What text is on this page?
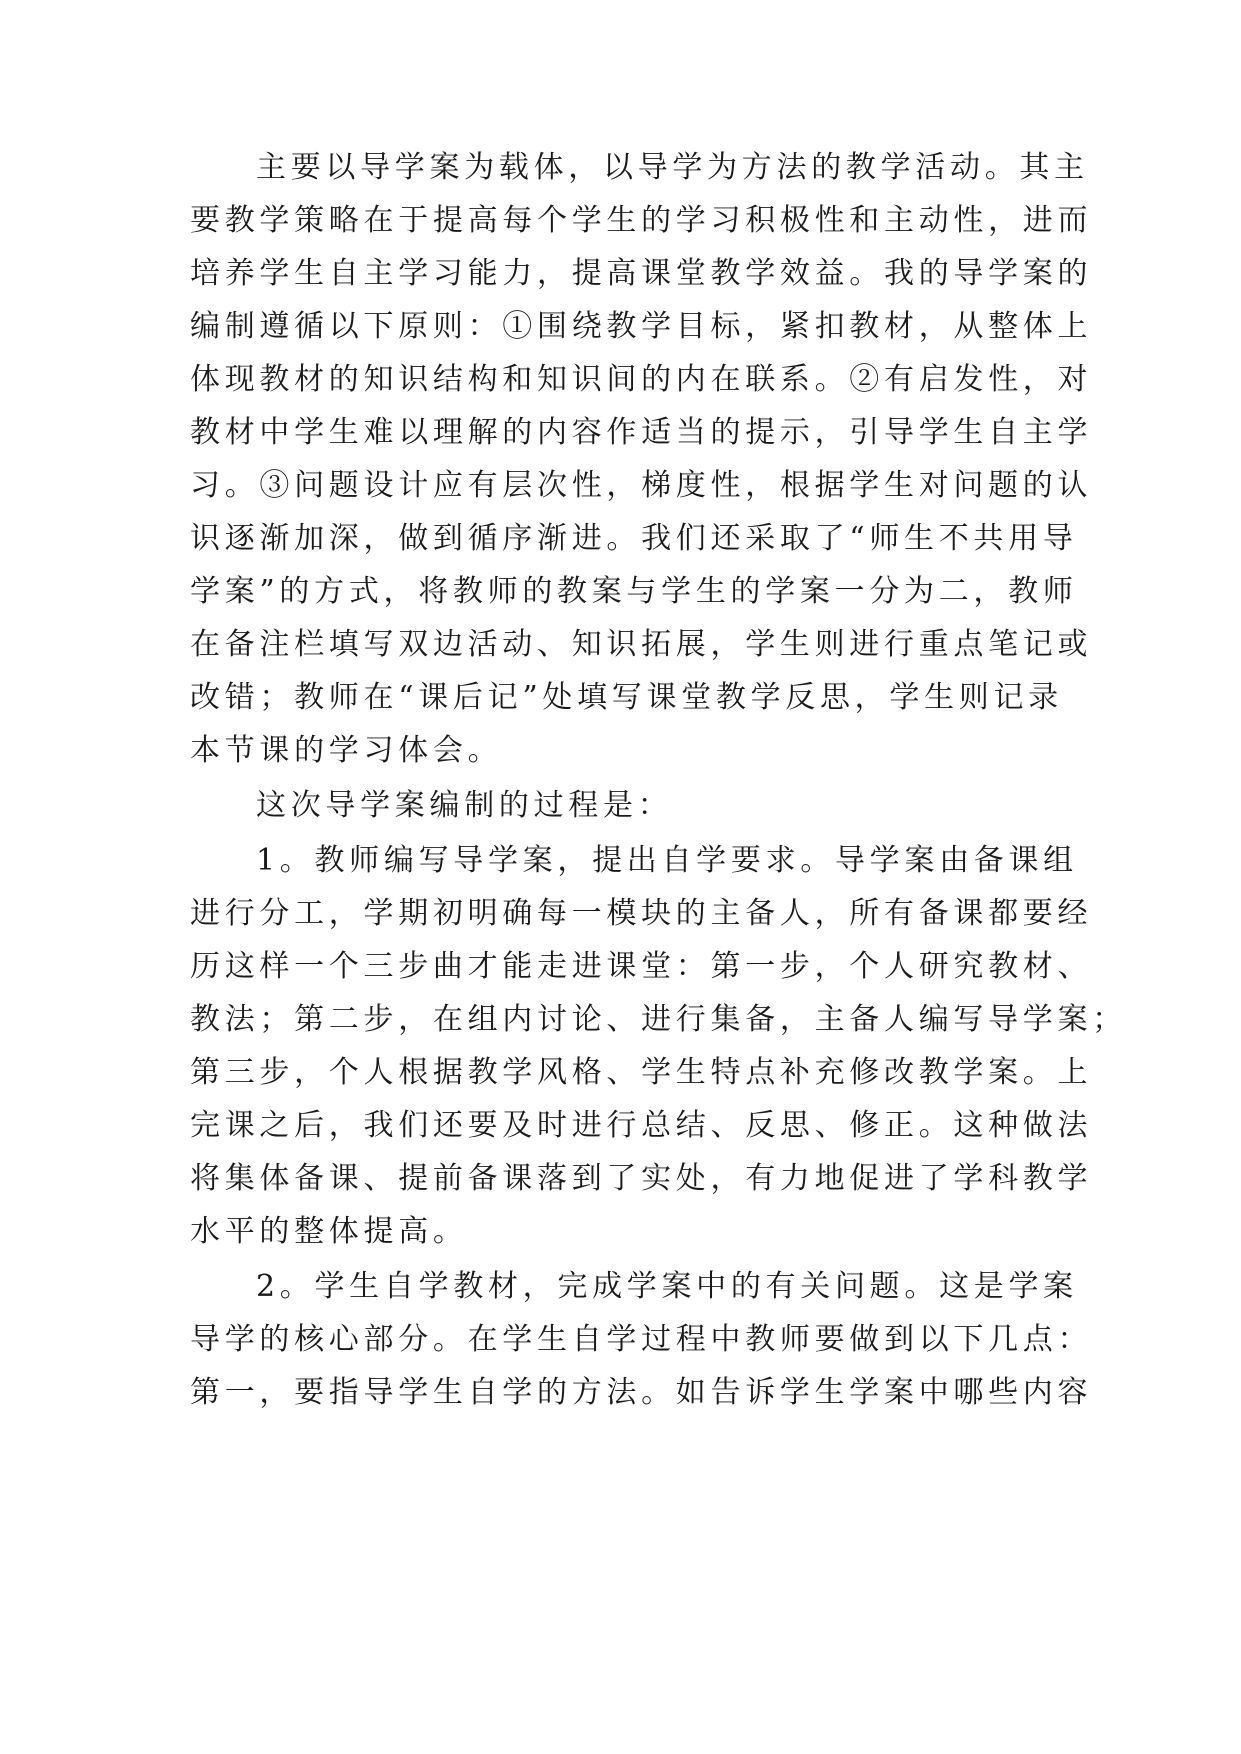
主要以导学案为载体，以导学为方法的教学活动。其主
要教学策略在于提高每个学生的学习积极性和主动性，进而
培养学生自主学习能力，提高课堂教学效益。我的导学案的
编制遵循以下原则：①围绕教学目标，紧扣教材，从整体上
体现教材的知识结构和知识间的内在联系。②有启发性，对
教材中学生难以理解的内容作适当的提示，引导学生自主学
习。③问题设计应有层次性，梯度性，根据学生对问题的认
识逐渐加深，做到循序渐进。我们还采取了“师生不共用导
学案”的方式，将教师的教案与学生的学案一分为二，教师
在备注栏填写双边活动、知识拓展，学生则进行重点笔记或
改错；教师在“课后记”处填写课堂教学反思，学生则记录
本节课的学习体会。
这次导学案编制的过程是：
1。教师编写导学案，提出自学要求。导学案由备课组
进行分工，学期初明确每一模块的主备人，所有备课都要经
历这样一个三步曲才能走进课堂：第一步，个人研究教材、
教法；第二步，在组内讨论、进行集备，主备人编写导学案；
第三步，个人根据教学风格、学生特点补充修改教学案。上
完课之后，我们还要及时进行总结、反思、修正。这种做法
将集体备课、提前备课落到了实处，有力地促进了学科教学
水平的整体提高。
2。学生自学教材，完成学案中的有关问题。这是学案
导学的核心部分。在学生自学过程中教师要做到以下几点：
第一，要指导学生自学的方法。如告诉学生学案中哪些内容
